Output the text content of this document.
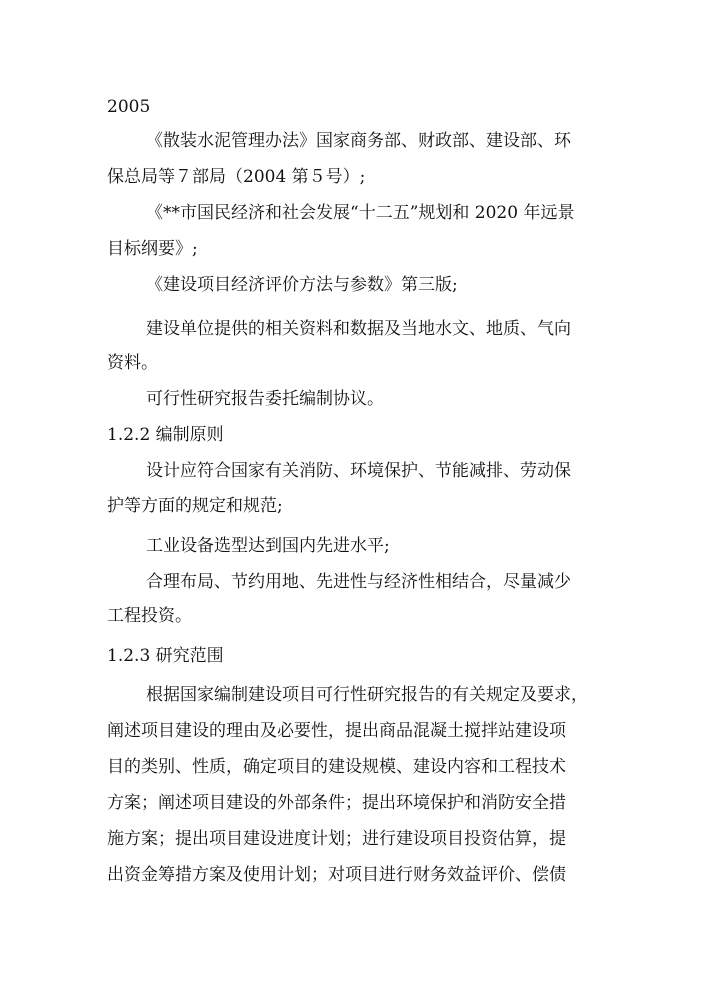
2005
《散装水泥管理办法》国家商务部、财政部、建设部、环
保总局等７部局（2004 第５号）;
《**市国民经济和社会发展“十二五”规划和 2020 年远景
目标纲要》;
《建设项目经济评价方法与参数》第三版;
建设单位提供的相关资料和数据及当地水文、地质、气向
资料。
可行性研究报告委托编制协议。
1.2.2 编制原则
设计应符合国家有关消防、环境保护、节能减排、劳动保
护等方面的规定和规范;
工业设备选型达到国内先进水平;
合理布局、节约用地、先进性与经济性相结合，尽量减少
工程投资。
1.2.3 研究范围
根据国家编制建设项目可行性研究报告的有关规定及要求，
阐述项目建设的理由及必要性，提出商品混凝土搅拌站建设项
目的类别、性质，确定项目的建设规模、建设内容和工程技术
方案；阐述项目建设的外部条件；提出环境保护和消防安全措
施方案；提出项目建设进度计划；进行建设项目投资估算，提
出资金筹措方案及使用计划；对项目进行财务效益评价、偿债
